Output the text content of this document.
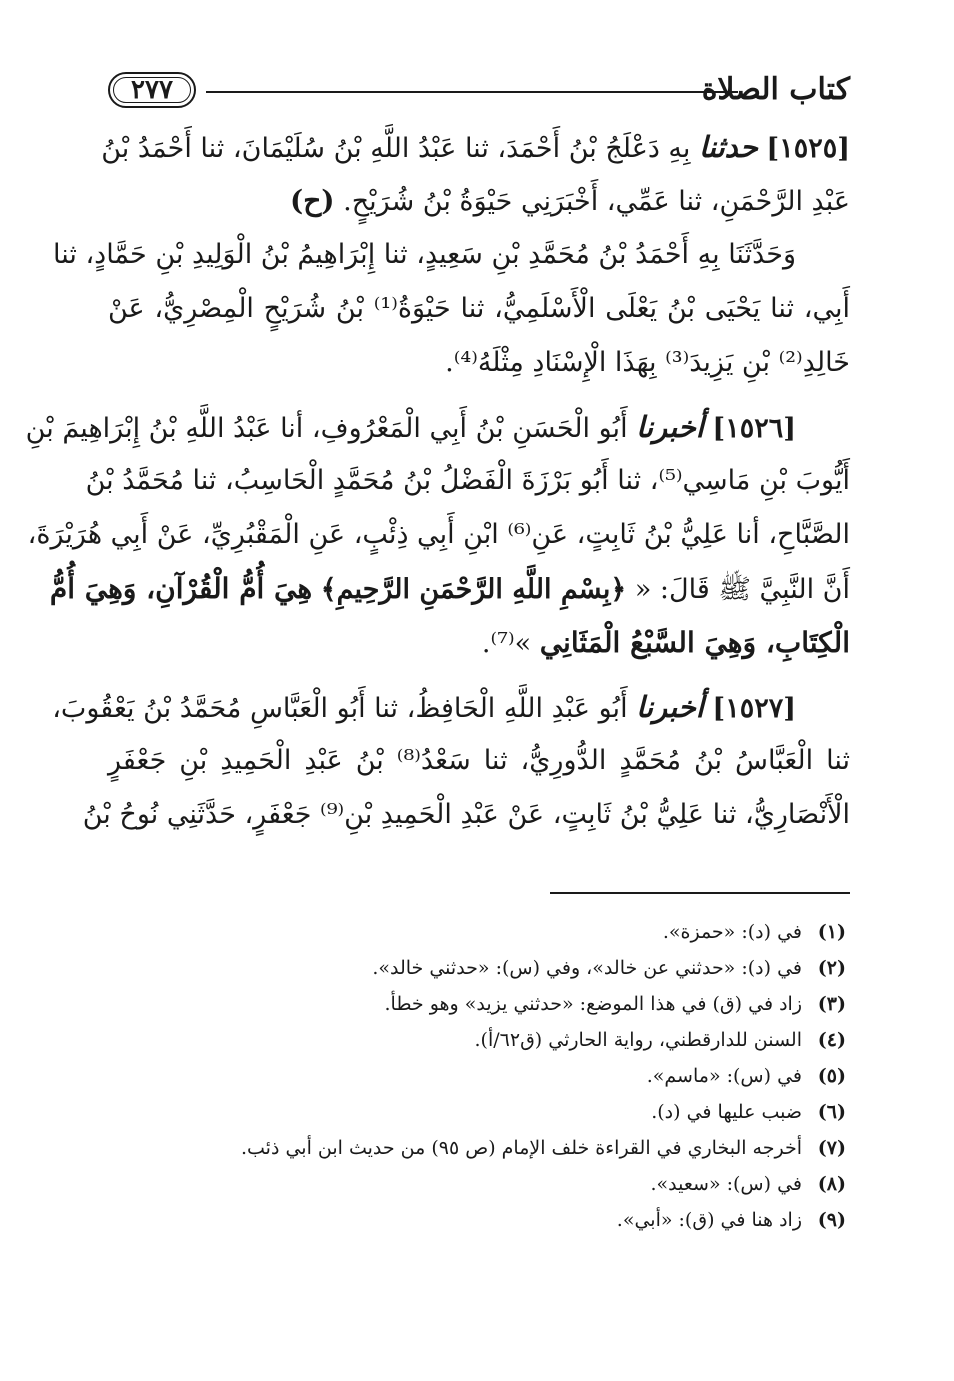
كتاب الصلاة
٢٧٧
[١٥٢٥] حدثنا بِهِ دَعْلَجُ بْنُ أَحْمَدَ، ثنا عَبْدُ اللَّهِ بْنُ سُلَيْمَانَ، ثنا أَحْمَدُ بْنُ
عَبْدِ الرَّحْمَنِ، ثنا عَمِّي، أَخْبَرَنِي حَيْوَةُ بْنُ شُرَيْحٍ. (ح)
وَحَدَّثَنَا بِهِ أَحْمَدُ بْنُ مُحَمَّدِ بْنِ سَعِيدٍ، ثنا إِبْرَاهِيمُ بْنُ الْوَلِيدِ بْنِ حَمَّادٍ، ثنا
أَبِي، ثنا يَحْيَى بْنُ يَعْلَى الْأَسْلَمِيُّ، ثنا حَيْوَةُ⁽¹⁾ بْنُ شُرَيْحٍ الْمِصْرِيُّ، عَنْ
خَالِدِ⁽²⁾ بْنِ يَزِيدَ⁽³⁾ بِهَذَا الْإِسْنَادِ مِثْلَهُ⁽⁴⁾.
[١٥٢٦] أخبرنا أَبُو الْحَسَنِ بْنُ أَبِي الْمَعْرُوفِ، أنا عَبْدُ اللَّهِ بْنُ إِبْرَاهِيمَ بْنِ
أَيُّوبَ بْنِ مَاسِي⁽⁵⁾، ثنا أَبُو بَرْزَةَ الْفَضْلُ بْنُ مُحَمَّدٍ الْحَاسِبُ، ثنا مُحَمَّدُ بْنُ
الصَّبَّاحِ، أنا عَلِيُّ بْنُ ثَابِتٍ، عَنِ⁽⁶⁾ ابْنِ أَبِي ذِئْبٍ، عَنِ الْمَقْبُرِيِّ، عَنْ أَبِي هُرَيْرَةَ،
أَنَّ النَّبِيَّ ﷺ قَالَ: « ﴿بِسْمِ اللَّهِ الرَّحْمَنِ الرَّحِيمِ﴾ هِيَ أُمُّ الْقُرْآنِ، وَهِيَ أُمُّ
الْكِتَابِ، وَهِيَ السَّبْعُ الْمَثَانِي »⁽⁷⁾.
[١٥٢٧] أخبرنا أَبُو عَبْدِ اللَّهِ الْحَافِظُ، ثنا أَبُو الْعَبَّاسِ مُحَمَّدُ بْنُ يَعْقُوبَ،
ثنا الْعَبَّاسُ بْنُ مُحَمَّدٍ الدُّورِيُّ، ثنا سَعْدُ⁽⁸⁾ بْنُ عَبْدِ الْحَمِيدِ بْنِ جَعْفَرٍ
الْأَنْصَارِيُّ، ثنا عَلِيُّ بْنُ ثَابِتٍ، عَنْ عَبْدِ الْحَمِيدِ بْنِ⁽⁹⁾ جَعْفَرٍ، حَدَّثَنِي نُوحُ بْنُ
(١)في (د): «حمزة».
(٢)في (د): «حدثني عن خالد»، وفي (س): «حدثني خالد».
(٣)زاد في (ق) في هذا الموضع: «حدثني يزيد» وهو خطأ.
(٤)السنن للدارقطني، رواية الحارثي (ق٦٢/أ).
(٥)في (س): «ماسم».
(٦)ضبب عليها في (د).
(٧)أخرجه البخاري في القراءة خلف الإمام (ص ٩٥) من حديث ابن أبي ذئب.
(٨)في (س): «سعيد».
(٩)زاد هنا في (ق): «أبي».
